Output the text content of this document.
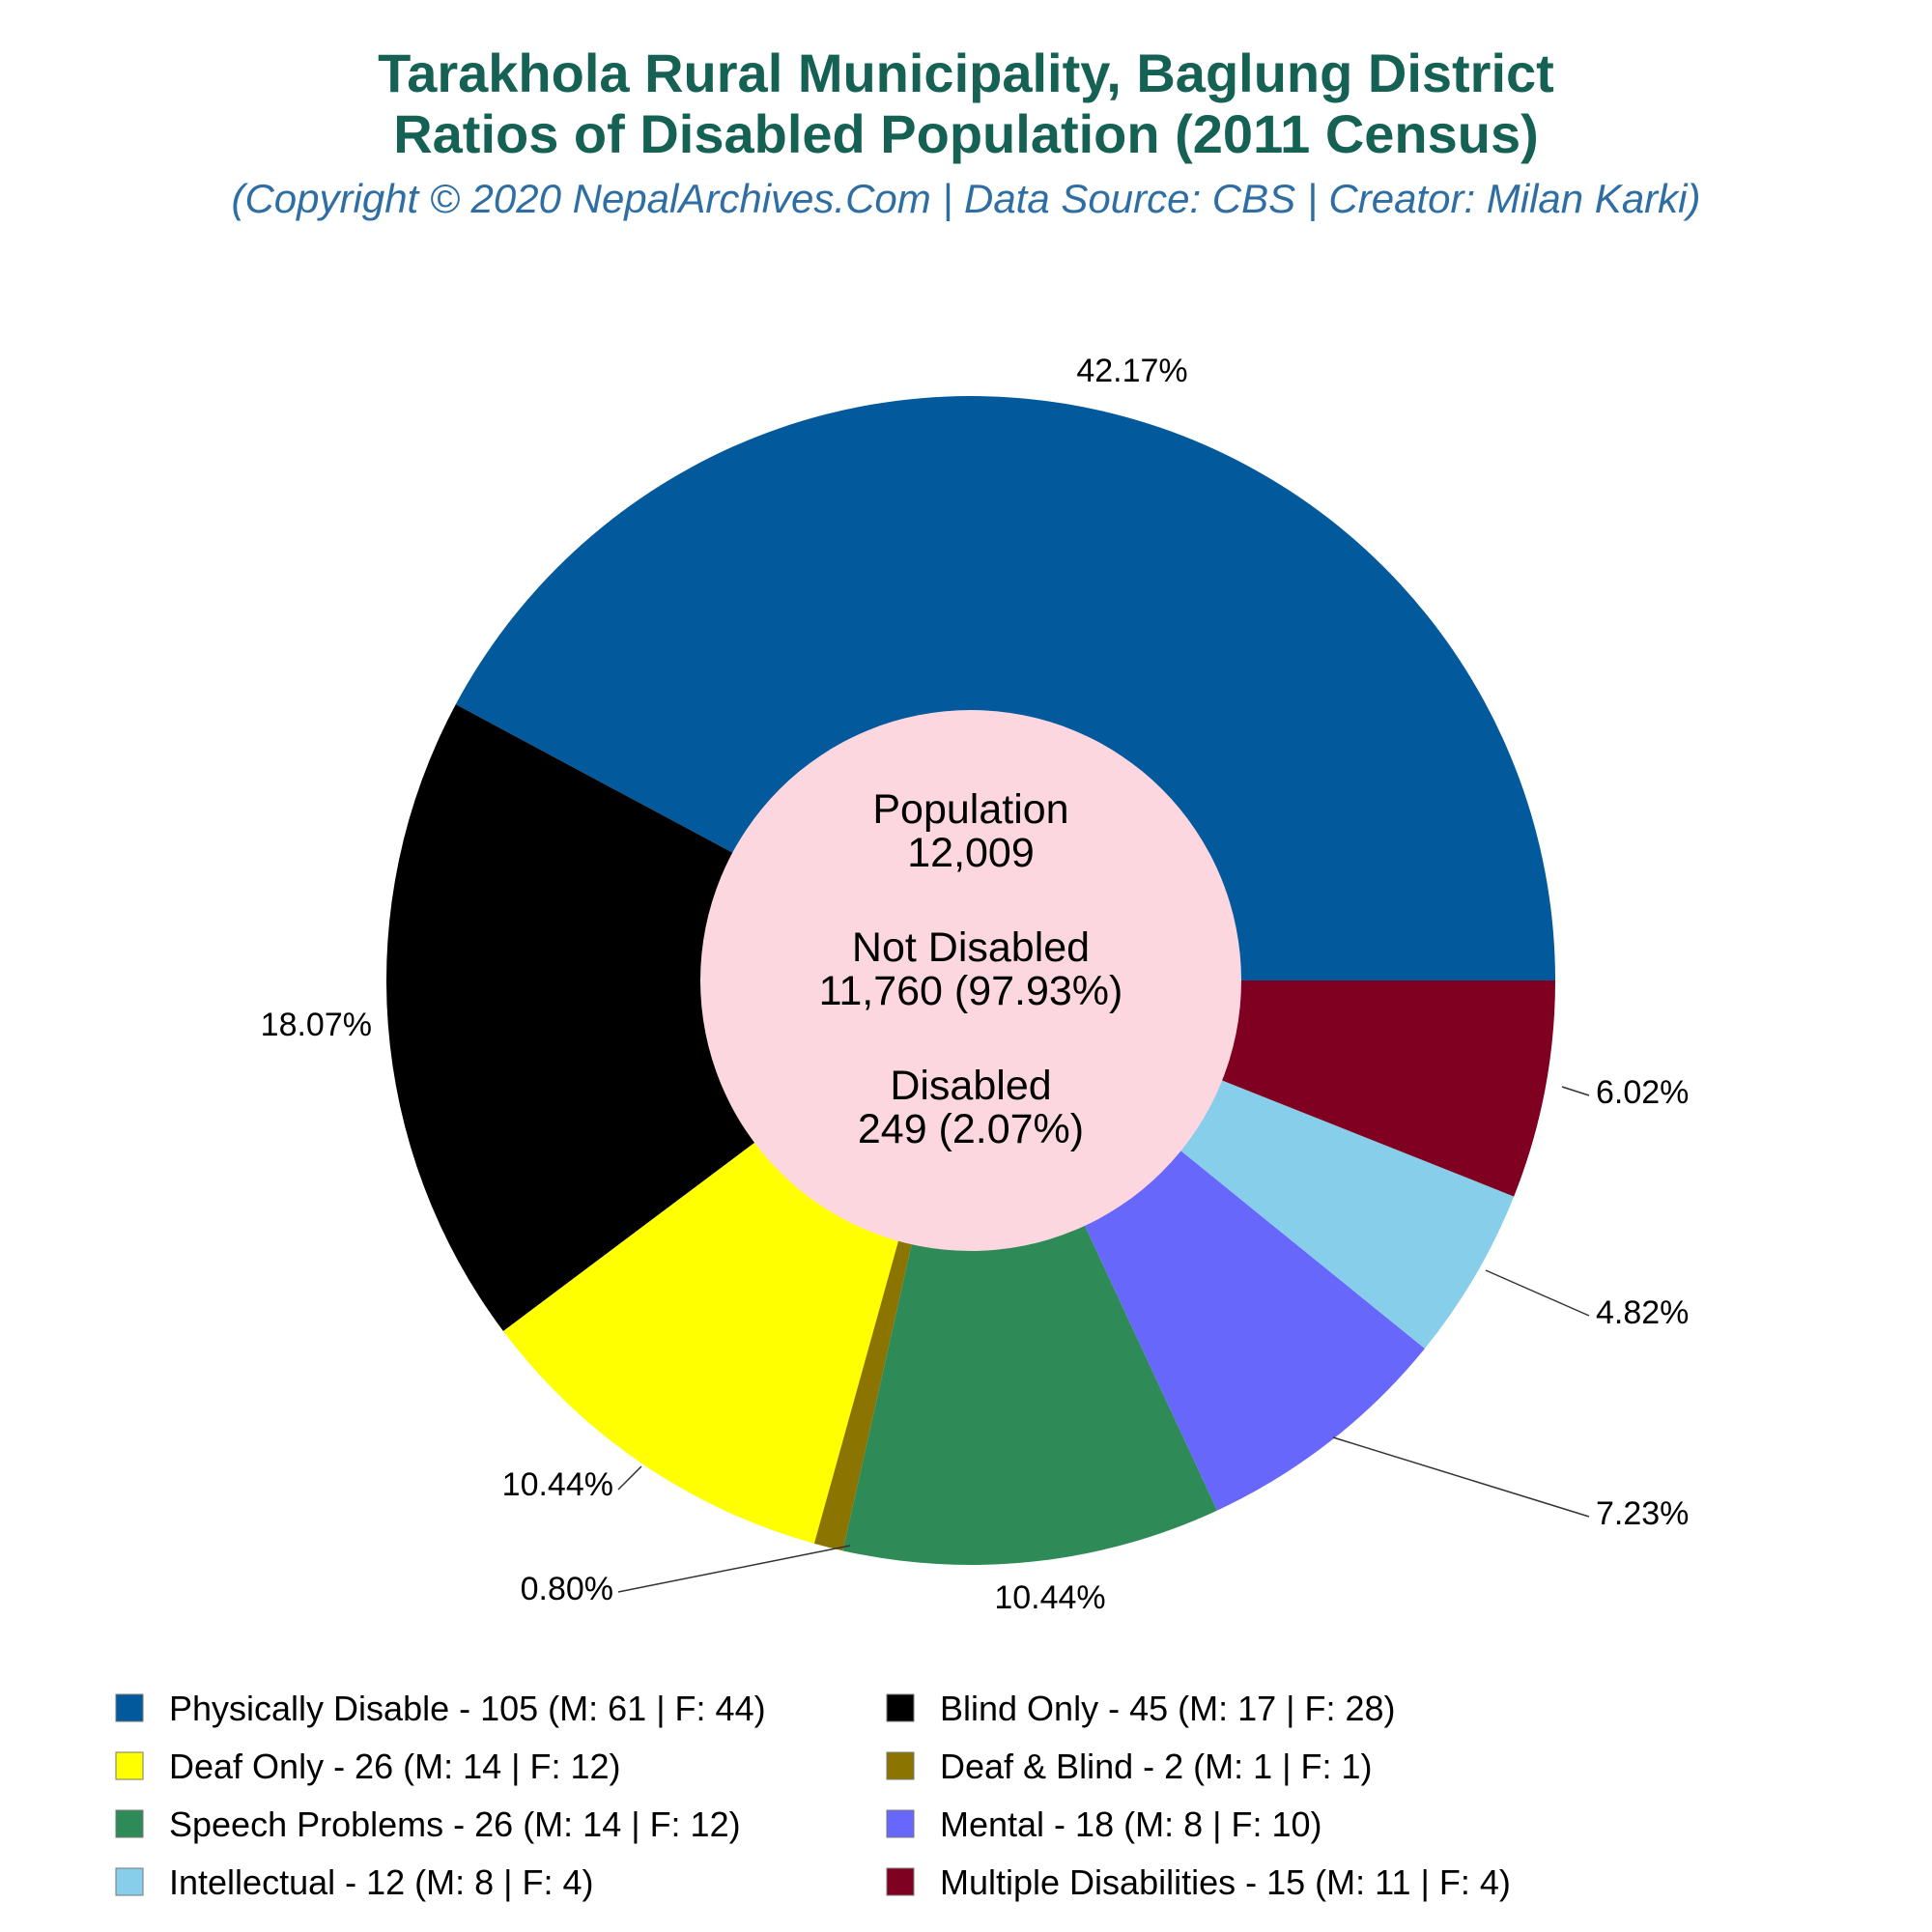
Tarakhola Rural Municipality, Baglung District
Ratios of Disabled Population (2011 Census)
(Copyright © 2020 NepalArchives.Com | Data Source: CBS | Creator: Milan Karki)
42.17%
18.07%
10.44%
0.80%	10.44%
7.23%
4.82%
6.02%
Population
12,009
Not Disabled
11,760 (97.93%)
Disabled
249 (2.07%)
Physically Disable - 105 (M: 61 | F: 44)	Blind Only - 45 (M: 17 | F: 28)
Deaf Only - 26 (M: 14 | F: 12)	Deaf & Blind - 2 (M: 1 | F: 1)
Speech Problems - 26 (M: 14 | F: 12)	Mental - 18 (M: 8 | F: 10)
Intellectual - 12 (M: 8 | F: 4)	Multiple Disabilities - 15 (M: 11 | F: 4)
